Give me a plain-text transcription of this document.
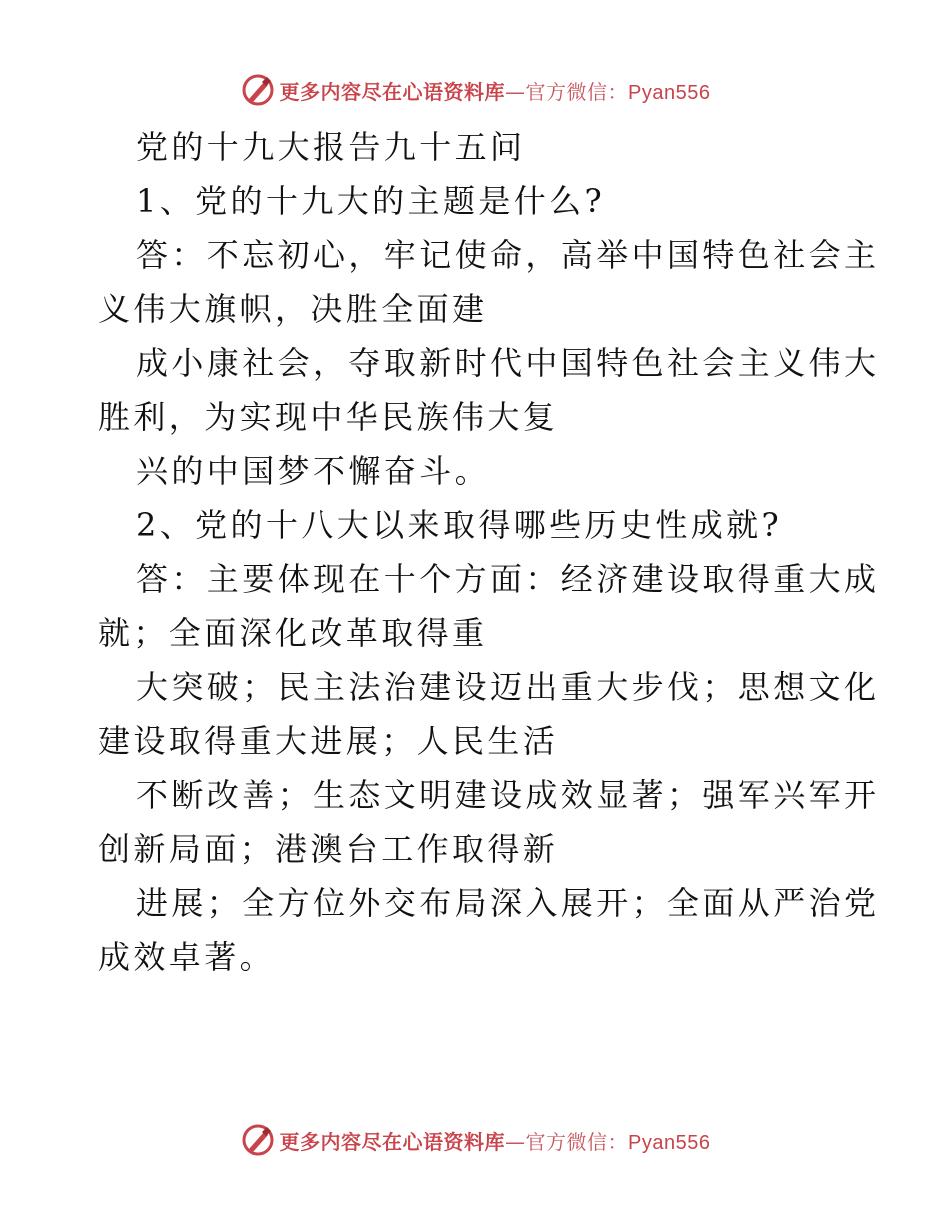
更多内容尽在心语资料库—官方微信：Pyan556
党的十九大报告九十五问
1、党的十九大的主题是什么?
答：不忘初心，牢记使命，高举中国特色社会主
义伟大旗帜，决胜全面建
成小康社会，夺取新时代中国特色社会主义伟大
胜利，为实现中华民族伟大复
兴的中国梦不懈奋斗。
2、党的十八大以来取得哪些历史性成就?
答：主要体现在十个方面：经济建设取得重大成
就；全面深化改革取得重
大突破；民主法治建设迈出重大步伐；思想文化
建设取得重大进展；人民生活
不断改善；生态文明建设成效显著；强军兴军开
创新局面；港澳台工作取得新
进展；全方位外交布局深入展开；全面从严治党
成效卓著。
更多内容尽在心语资料库—官方微信：Pyan556
